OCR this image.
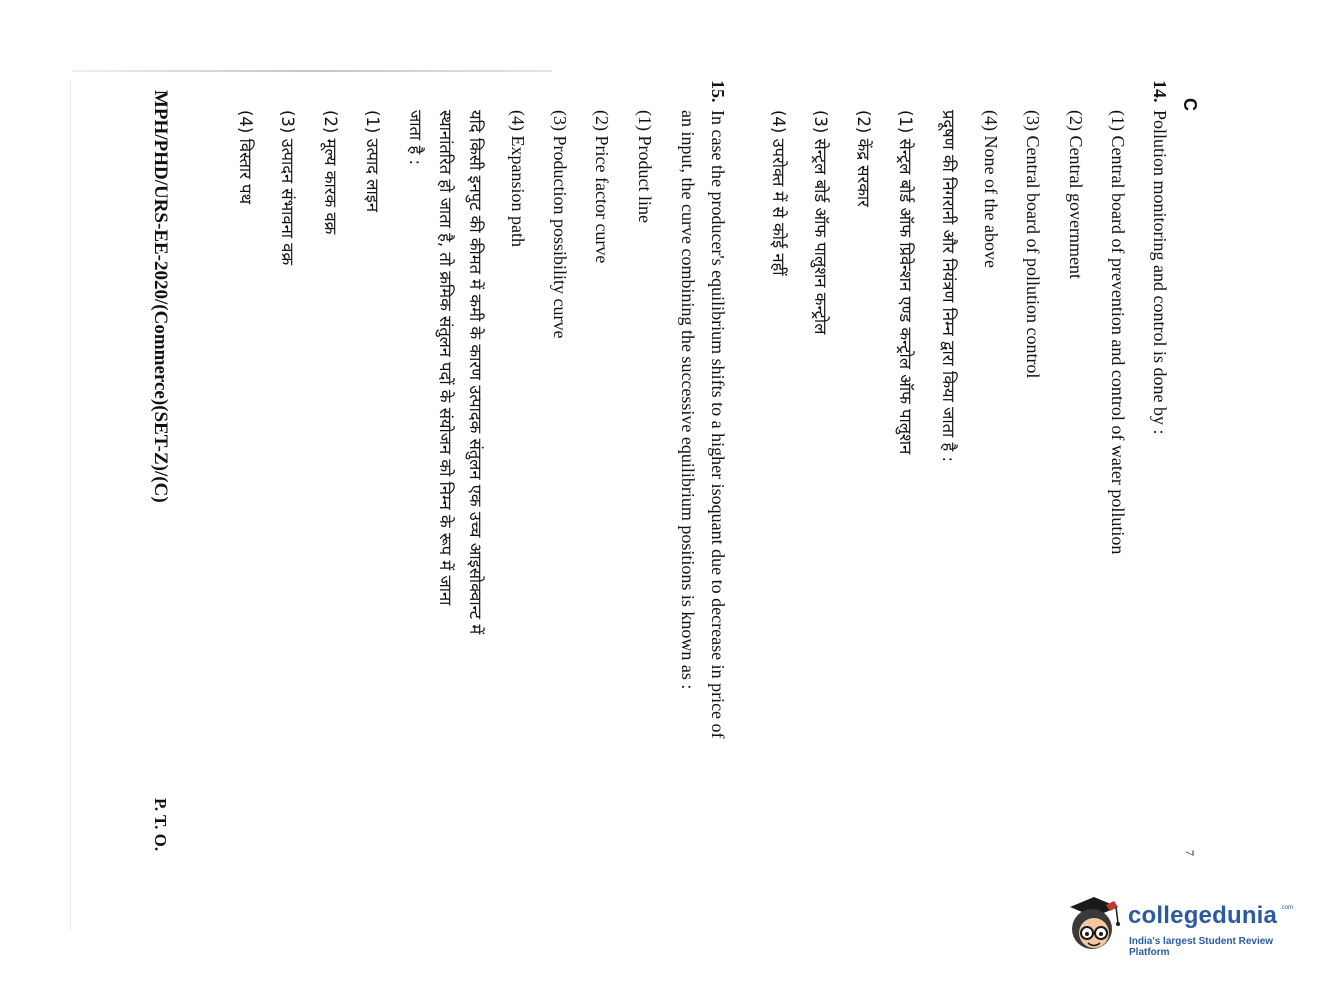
C
7
14.
Pollution monitoring and control is done by :
(1) Central board of prevention and control of water pollution
(2) Central government
(3) Central board of pollution control
(4) None of the above
प्रदूषण की निगरानी और नियंत्रण निम्न द्वारा किया जाता है :
(1) सेन्ट्रल बोर्ड ऑफ प्रिवेन्शन एण्ड कन्ट्रोल ऑफ पालुशन
(2) केंद्र सरकार
(3) सेन्ट्रल बोर्ड ऑफ पालुशन कन्ट्रोल
(4) उपरोक्त में से कोई नहीं
15.
In case the producer's equilibrium shifts to a higher isoquant due to decrease in price of
an input, the curve combining the successive equilibrium positions is known as :
(1) Product line
(2) Price factor curve
(3) Production possibility curve
(4) Expansion path
यदि किसी इनपुट की कीमत में कमी के कारण उत्पादक संतुलन एक उच्च आइसोक्वान्ट में
स्थानांतरित हो जाता है, तो क्रमिक संतुलन पदों के संयोजन को निम्न के रूप में जाना
जाता है :
(1) उत्पाद लाइन
(2) मूल्य कारक वक्र
(3) उत्पादन संभावना वक्र
(4) विस्तार पथ
MPH/PHD/URS-EE-2020/(Commerce)(SET-Z)/(C)
P. T. O.
collegedunia .com
India's largest Student Review Platform
